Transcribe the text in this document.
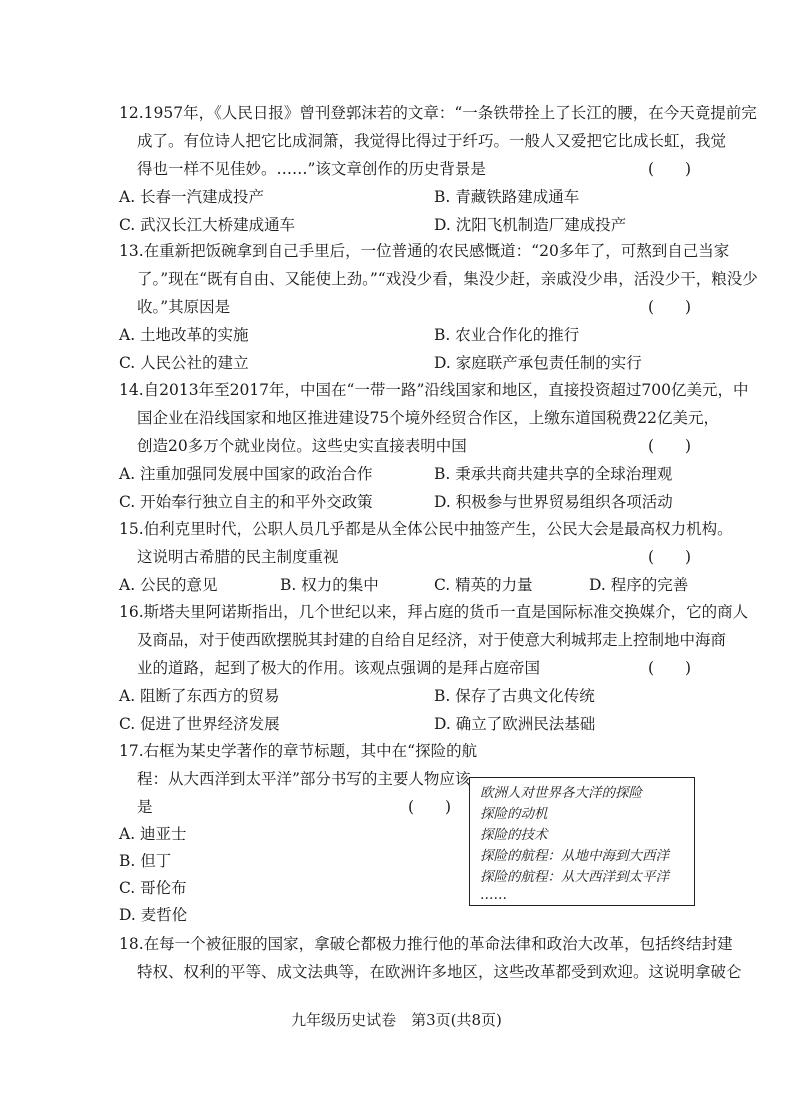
12.1957年，《人民日报》曾刊登郭沫若的文章：“一条铁带拴上了长江的腰，在今天竟提前完
成了。有位诗人把它比成洞箫，我觉得比得过于纤巧。一般人又爱把它比成长虹，我觉
得也一样不见佳妙。……”该文章创作的历史背景是	(　　)
A. 长春一汽建成投产	B. 青藏铁路建成通车
C. 武汉长江大桥建成通车	D. 沈阳飞机制造厂建成投产
13.在重新把饭碗拿到自己手里后，一位普通的农民感慨道：“20多年了，可熬到自己当家
了。”现在“既有自由、又能使上劲。”“戏没少看，集没少赶，亲戚没少串，活没少干，粮没少
收。”其原因是	(　　)
A. 土地改革的实施	B. 农业合作化的推行
C. 人民公社的建立	D. 家庭联产承包责任制的实行
14.自2013年至2017年，中国在“一带一路”沿线国家和地区，直接投资超过700亿美元，中
国企业在沿线国家和地区推进建设75个境外经贸合作区，上缴东道国税费22亿美元，
创造20多万个就业岗位。这些史实直接表明中国	(　　)
A. 注重加强同发展中国家的政治合作	B. 秉承共商共建共享的全球治理观
C. 开始奉行独立自主的和平外交政策	D. 积极参与世界贸易组织各项活动
15.伯利克里时代，公职人员几乎都是从全体公民中抽签产生，公民大会是最高权力机构。
这说明古希腊的民主制度重视	(　　)
A. 公民的意见	B. 权力的集中	C. 精英的力量	D. 程序的完善
16.斯塔夫里阿诺斯指出，几个世纪以来，拜占庭的货币一直是国际标准交换媒介，它的商人
及商品，对于使西欧摆脱其封建的自给自足经济，对于使意大利城邦走上控制地中海商
业的道路，起到了极大的作用。该观点强调的是拜占庭帝国	(　　)
A. 阻断了东西方的贸易	B. 保存了古典文化传统
C. 促进了世界经济发展	D. 确立了欧洲民法基础
17.右框为某史学著作的章节标题，其中在“探险的航
程：从大西洋到太平洋”部分书写的主要人物应该
是	(　　)
A. 迪亚士
B. 但丁
C. 哥伦布
D. 麦哲伦
欧洲人对世界各大洋的探险
探险的动机
探险的技术
探险的航程：从地中海到大西洋
探险的航程：从大西洋到太平洋
……
18.在每一个被征服的国家，拿破仑都极力推行他的革命法律和政治大改革，包括终结封建
特权、权利的平等、成文法典等，在欧洲许多地区，这些改革都受到欢迎。这说明拿破仑
九年级历史试卷　第3页(共8页)
